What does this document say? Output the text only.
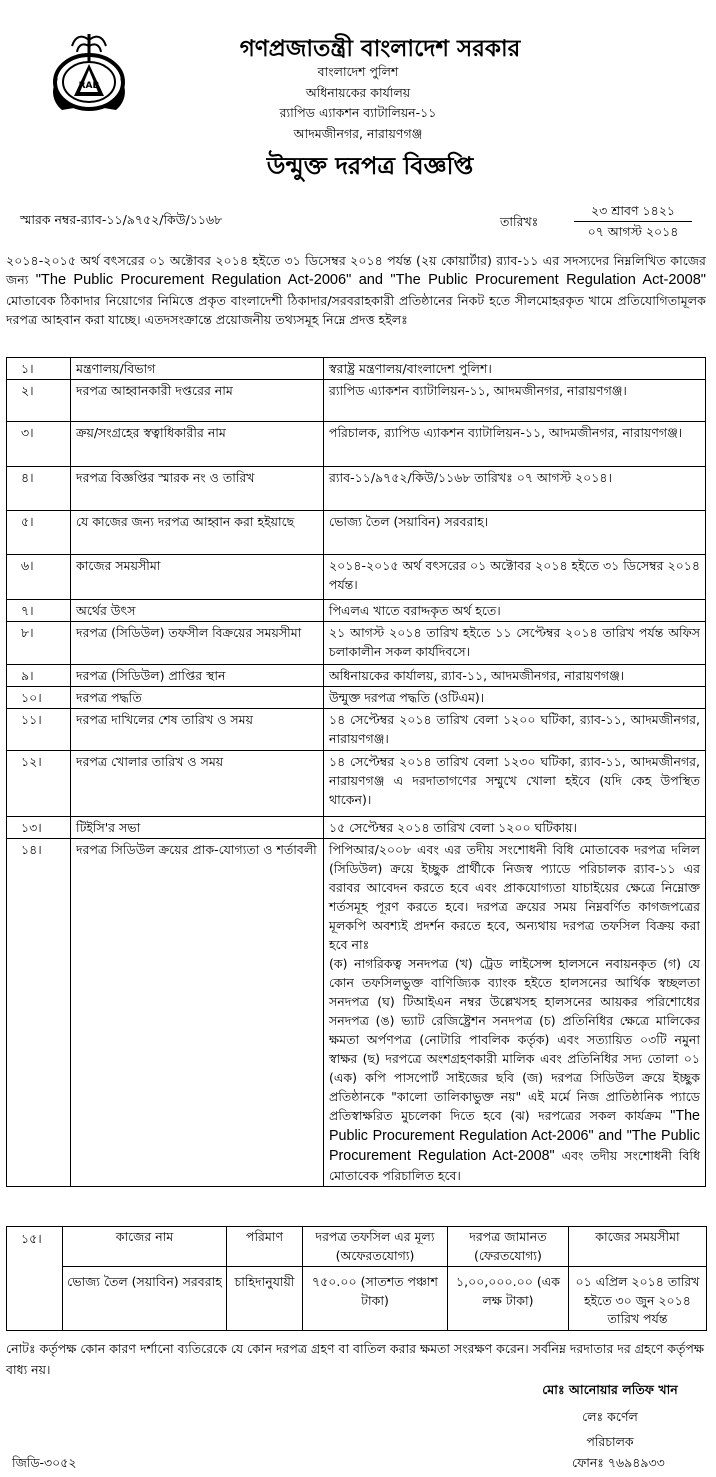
RAB
গণপ্রজাতন্ত্রী বাংলাদেশ সরকার
বাংলাদেশ পুলিশ
অধিনায়কের কার্যালয়
র‍্যাপিড এ্যাকশন ব্যাটালিয়ন-১১
আদমজীনগর, নারায়ণগঞ্জ
উন্মুক্ত দরপত্র বিজ্ঞপ্তি
স্মারক নম্বর-র‍্যাব-১১/৯৭৫২/কিউ/১১৬৮	তারিখঃ
২৩ শ্রাবণ ১৪২১
০৭ আগস্ট ২০১৪
২০১৪-২০১৫ অর্থ বৎসরের ০১ অক্টোবর ২০১৪ হইতে ৩১ ডিসেম্বর ২০১৪ পর্যন্ত (২য় কোয়ার্টার) র‍্যাব-১১ এর সদস্যদের নিম্নলিখিত কাজের জন্য "The Public Procurement Regulation Act-2006" and "The Public Procurement Regulation Act-2008" মোতাবেক ঠিকাদার নিয়োগের নিমিত্তে প্রকৃত বাংলাদেশী ঠিকাদার/সরবরাহকারী প্রতিষ্ঠানের নিকট হতে সীলমোহরকৃত খামে প্রতিযোগিতামূলক দরপত্র আহবান করা যাচ্ছে। এতদসংক্রান্তে প্রয়োজনীয় তথ্যসমূহ নিম্নে প্রদত্ত হইলঃ
১।	মন্ত্রণালয়/বিভাগ	স্বরাষ্ট্র মন্ত্রণালয়/বাংলাদেশ পুলিশ।
২।	দরপত্র আহ্বানকারী দপ্তরের নাম	র‍্যাপিড এ্যাকশন ব্যাটালিয়ন-১১, আদমজীনগর, নারায়ণগঞ্জ।
৩।	ক্রয়/সংগ্রহের স্বত্বাধিকারীর নাম	পরিচালক, র‍্যাপিড এ্যাকশন ব্যাটালিয়ন-১১, আদমজীনগর, নারায়ণগঞ্জ।
৪।	দরপত্র বিজ্ঞপ্তির স্মারক নং ও তারিখ	র‍্যাব-১১/৯৭৫২/কিউ/১১৬৮ তারিখঃ ০৭ আগস্ট ২০১৪।
৫।	যে কাজের জন্য দরপত্র আহ্বান করা হইয়াছে	ভোজ্য তৈল (সয়াবিন) সরবরাহ।
৬।	কাজের সময়সীমা	২০১৪-২০১৫ অর্থ বৎসরের ০১ অক্টোবর ২০১৪ হইতে ৩১ ডিসেম্বর ২০১৪ পর্যন্ত।
৭।	অর্থের উৎস	পিএলএ খাতে বরাদ্দকৃত অর্থ হতে।
৮।	দরপত্র (সিডিউল) তফসীল বিক্রয়ের সময়সীমা	২১ আগস্ট ২০১৪ তারিখ হইতে ১১ সেপ্টেম্বর ২০১৪ তারিখ পর্যন্ত অফিস চলাকালীন সকল কার্যদিবসে।
৯।	দরপত্র (সিডিউল) প্রাপ্তির স্থান	অধিনায়কের কার্যালয়, র‍্যাব-১১, আদমজীনগর, নারায়ণগঞ্জ।
১০।	দরপত্র পদ্ধতি	উন্মুক্ত দরপত্র পদ্ধতি (ওটিএম)।
১১।	দরপত্র দাখিলের শেষ তারিখ ও সময়	১৪ সেপ্টেম্বর ২০১৪ তারিখ বেলা ১২০০ ঘটিকা, র‍্যাব-১১, আদমজীনগর, নারায়ণগঞ্জ।
১২।	দরপত্র খোলার তারিখ ও সময়	১৪ সেপ্টেম্বর ২০১৪ তারিখ বেলা ১২৩০ ঘটিকা, র‍্যাব-১১, আদমজীনগর, নারায়ণগঞ্জ এ দরদাতাগণের সম্মুখে খোলা হইবে (যদি কেহ উপস্থিত থাকেন)।
১৩।	টিইসি'র সভা	১৫ সেপ্টেম্বর ২০১৪ তারিখ বেলা ১২০০ ঘটিকায়।
১৪।	দরপত্র সিডিউল ক্রয়ের প্রাক-যোগ্যতা ও শর্তাবলী	পিপিআর/২০০৮ এবং এর তদীয় সংশোধনী বিধি মোতাবেক দরপত্র দলিল (সিডিউল) ক্রয়ে ইচ্ছুক প্রার্থীকে নিজস্ব প্যাডে পরিচালক র‍্যাব-১১ এর বরাবর আবেদন করতে হবে এবং প্রাকযোগ্যতা যাচাইয়ের ক্ষেত্রে নিম্নোক্ত শর্তসমূহ পূরণ করতে হবে। দরপত্র ক্রয়ের সময় নিম্নবর্ণিত কাগজপত্রের মূলকপি অবশ্যই প্রদর্শন করতে হবে, অন্যথায় দরপত্র তফসিল বিক্রয় করা হবে নাঃ
(ক) নাগরিকত্ব সনদপত্র (খ) ট্রেড লাইসেন্স হালসনে নবায়নকৃত (গ) যে কোন তফসিলভুক্ত বাণিজ্যিক ব্যাংক হইতে হালসনের আর্থিক স্বচ্ছলতা সনদপত্র (ঘ) টিআইএন নম্বর উল্লেখসহ হালসনের আয়কর পরিশোধের সনদপত্র (ঙ) ভ্যাট রেজিষ্ট্রেশন সনদপত্র (চ) প্রতিনিধির ক্ষেত্রে মালিকের ক্ষমতা অর্পণপত্র (নোটারি পাবলিক কর্তৃক) এবং সত্যায়িত ০৩টি নমুনা স্বাক্ষর (ছ) দরপত্রে অংশগ্রহণকারী মালিক এবং প্রতিনিধির সদ্য তোলা ০১ (এক) কপি পাসপোর্ট সাইজের ছবি (জ) দরপত্র সিডিউল ক্রয়ে ইচ্ছুক প্রতিষ্ঠানকে "কালো তালিকাভুক্ত নয়" এই মর্মে নিজ প্রাতিষ্ঠানিক প্যাডে প্রতিস্বাক্ষরিত মুচলেকা দিতে হবে (ঝ) দরপত্রের সকল কার্যক্রম "The Public Procurement Regulation Act-2006" and "The Public Procurement Regulation Act-2008" এবং তদীয় সংশোধনী বিধি মোতাবেক পরিচালিত হবে।
১৫।	কাজের নাম	পরিমাণ	দরপত্র তফসিল এর মূল্য (অফেরতযোগ্য)	দরপত্র জামানত (ফেরতযোগ্য)	কাজের সময়সীমা
ভোজ্য তৈল (সয়াবিন) সরবরাহ	চাহিদানুযায়ী	৭৫০.০০ (সাতশত পঞ্চাশ টাকা)	১,০০,০০০.০০ (এক লক্ষ টাকা)	০১ এপ্রিল ২০১৪ তারিখ হইতে ৩০ জুন ২০১৪ তারিখ পর্যন্ত
নোটঃ কর্তৃপক্ষ কোন কারণ দর্শানো ব্যতিরেকে যে কোন দরপত্র গ্রহণ বা বাতিল করার ক্ষমতা সংরক্ষণ করেন। সর্বনিম্ন দরদাতার দর গ্রহণে কর্তৃপক্ষ বাধ্য নয়।
মোঃ আনোয়ার লতিফ খান
লেঃ কর্ণেল
পরিচালক
জিডি-৩০৫২	ফোনঃ ৭৬৯৪৯৩৩
